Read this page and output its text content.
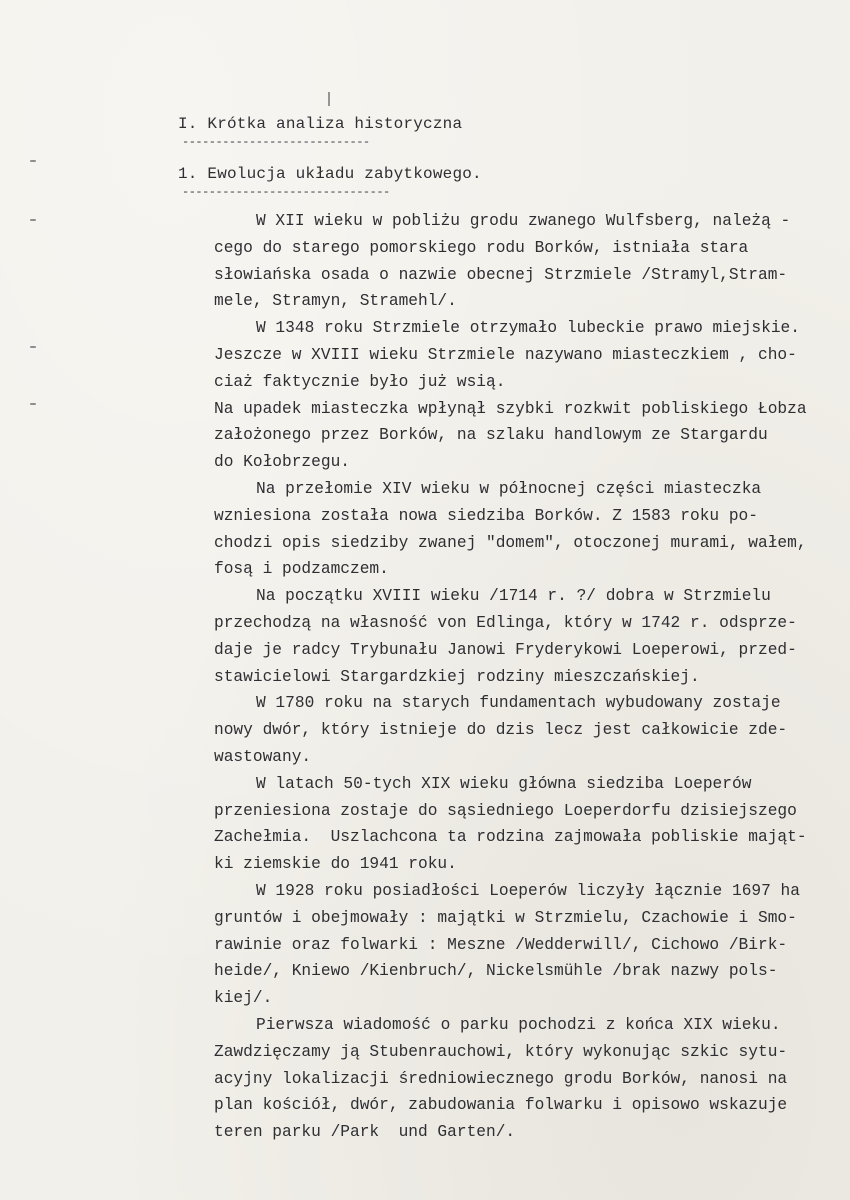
I. Krótka analiza historyczna
----------------------------
1. Ewolucja układu zabytkowego.
-------------------------------
W XII wieku w pobliżu grodu zwanego Wulfsberg, należą -
cego do starego pomorskiego rodu Borków, istniała stara
słowiańska osada o nazwie obecnej Strzmiele /Stramyl,Stram-
mele, Stramyn, Stramehl/.
W 1348 roku Strzmiele otrzymało lubeckie prawo miejskie.
Jeszcze w XVIII wieku Strzmiele nazywano miasteczkiem , cho-
ciaż faktycznie było już wsią.
Na upadek miasteczka wpłynął szybki rozkwit pobliskiego Łobza
założonego przez Borków, na szlaku handlowym ze Stargardu
do Kołobrzegu.
Na przełomie XIV wieku w północnej części miasteczka
wzniesiona została nowa siedziba Borków. Z 1583 roku po-
chodzi opis siedziby zwanej "domem", otoczonej murami, wałem,
fosą i podzamczem.
Na początku XVIII wieku /1714 r. ?/ dobra w Strzmielu
przechodzą na własność von Edlinga, który w 1742 r. odsprze-
daje je radcy Trybunału Janowi Fryderykowi Loeperowi, przed-
stawicielowi Stargardzkiej rodziny mieszczańskiej.
W 1780 roku na starych fundamentach wybudowany zostaje
nowy dwór, który istnieje do dzis lecz jest całkowicie zde-
wastowany.
W latach 50-tych XIX wieku główna siedziba Loeperów
przeniesiona zostaje do sąsiedniego Loeperdorfu dzisiejszego
Zachełmia.  Uszlachcona ta rodzina zajmowała pobliskie mająt-
ki ziemskie do 1941 roku.
W 1928 roku posiadłości Loeperów liczyły łącznie 1697 ha
gruntów i obejmowały : majątki w Strzmielu, Czachowie i Smo-
rawinie oraz folwarki : Meszne /Wedderwill/, Cichowo /Birk-
heide/, Kniewo /Kienbruch/, Nickelsmühle /brak nazwy pols-
kiej/.
Pierwsza wiadomość o parku pochodzi z końca XIX wieku.
Zawdzięczamy ją Stubenrauchowi, który wykonując szkic sytu-
acyjny lokalizacji średniowiecznego grodu Borków, nanosi na
plan kościół, dwór, zabudowania folwarku i opisowo wskazuje
teren parku /Park  und Garten/.
